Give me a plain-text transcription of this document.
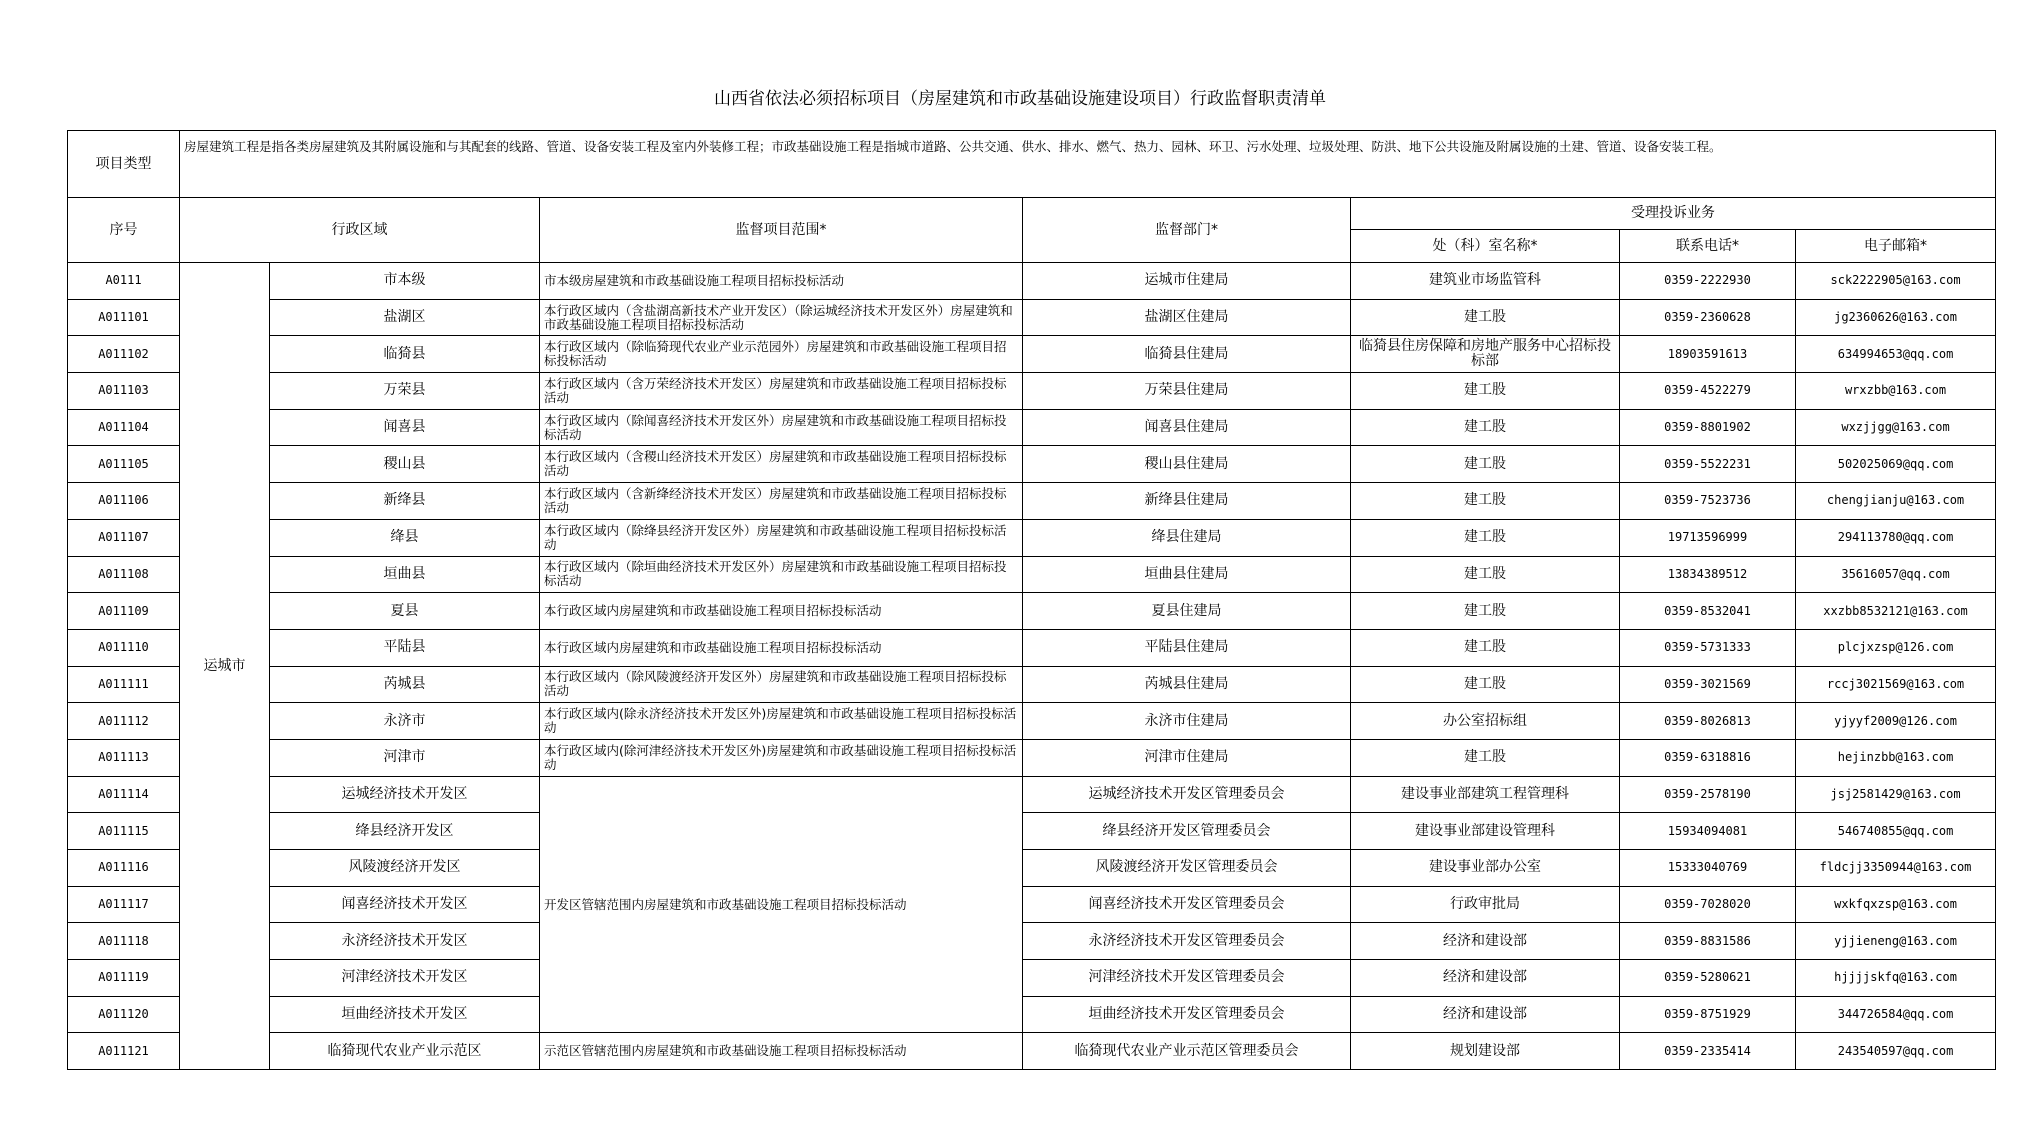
山西省依法必须招标项目（房屋建筑和市政基础设施建设项目）行政监督职责清单
项目类型	房屋建筑工程是指各类房屋建筑及其附属设施和与其配套的线路、管道、设备安装工程及室内外装修工程；市政基础设施工程是指城市道路、公共交通、供水、排水、燃气、热力、园林、环卫、污水处理、垃圾处理、防洪、地下公共设施及附属设施的土建、管道、设备安装工程。						
序号	行政区域		监督项目范围*	监督部门*	受理投诉业务		
					处（科）室名称*	联系电话*	电子邮箱*
A0111	运城市	市本级	市本级房屋建筑和市政基础设施工程项目招标投标活动	运城市住建局	建筑业市场监管科	0359-2222930	sck2222905@163.com
A011101		盐湖区	本行政区域内（含盐湖高新技术产业开发区）（除运城经济技术开发区外）房屋建筑和市政基础设施工程项目招标投标活动	盐湖区住建局	建工股	0359-2360628	jg2360626@163.com
A011102		临猗县	本行政区域内（除临猗现代农业产业示范园外）房屋建筑和市政基础设施工程项目招标投标活动	临猗县住建局	临猗县住房保障和房地产服务中心招标投标部	18903591613	634994653@qq.com
A011103		万荣县	本行政区域内（含万荣经济技术开发区）房屋建筑和市政基础设施工程项目招标投标活动	万荣县住建局	建工股	0359-4522279	wrxzbb@163.com
A011104		闻喜县	本行政区域内（除闻喜经济技术开发区外）房屋建筑和市政基础设施工程项目招标投标活动	闻喜县住建局	建工股	0359-8801902	wxzjjgg@163.com
A011105		稷山县	本行政区域内（含稷山经济技术开发区）房屋建筑和市政基础设施工程项目招标投标活动	稷山县住建局	建工股	0359-5522231	502025069@qq.com
A011106		新绛县	本行政区域内（含新绛经济技术开发区）房屋建筑和市政基础设施工程项目招标投标活动	新绛县住建局	建工股	0359-7523736	chengjianju@163.com
A011107		绛县	本行政区域内（除绛县经济开发区外）房屋建筑和市政基础设施工程项目招标投标活动	绛县住建局	建工股	19713596999	294113780@qq.com
A011108		垣曲县	本行政区域内（除垣曲经济技术开发区外）房屋建筑和市政基础设施工程项目招标投标活动	垣曲县住建局	建工股	13834389512	35616057@qq.com
A011109		夏县	本行政区域内房屋建筑和市政基础设施工程项目招标投标活动	夏县住建局	建工股	0359-8532041	xxzbb8532121@163.com
A011110		平陆县	本行政区域内房屋建筑和市政基础设施工程项目招标投标活动	平陆县住建局	建工股	0359-5731333	plcjxzsp@126.com
A011111		芮城县	本行政区域内（除风陵渡经济开发区外）房屋建筑和市政基础设施工程项目招标投标活动	芮城县住建局	建工股	0359-3021569	rccj3021569@163.com
A011112		永济市	本行政区域内(除永济经济技术开发区外)房屋建筑和市政基础设施工程项目招标投标活动	永济市住建局	办公室招标组	0359-8026813	yjyyf2009@126.com
A011113		河津市	本行政区域内(除河津经济技术开发区外)房屋建筑和市政基础设施工程项目招标投标活动	河津市住建局	建工股	0359-6318816	hejinzbb@163.com
A011114		运城经济技术开发区	开发区管辖范围内房屋建筑和市政基础设施工程项目招标投标活动	运城经济技术开发区管理委员会	建设事业部建筑工程管理科	0359-2578190	jsj2581429@163.com
A011115		绛县经济开发区		绛县经济开发区管理委员会	建设事业部建设管理科	15934094081	546740855@qq.com
A011116		风陵渡经济开发区		风陵渡经济开发区管理委员会	建设事业部办公室	15333040769	fldcjj3350944@163.com
A011117		闻喜经济技术开发区		闻喜经济技术开发区管理委员会	行政审批局	0359-7028020	wxkfqxzsp@163.com
A011118		永济经济技术开发区		永济经济技术开发区管理委员会	经济和建设部	0359-8831586	yjjieneng@163.com
A011119		河津经济技术开发区		河津经济技术开发区管理委员会	经济和建设部	0359-5280621	hjjjjskfq@163.com
A011120		垣曲经济技术开发区		垣曲经济技术开发区管理委员会	经济和建设部	0359-8751929	344726584@qq.com
A011121		临猗现代农业产业示范区	示范区管辖范围内房屋建筑和市政基础设施工程项目招标投标活动	临猗现代农业产业示范区管理委员会	规划建设部	0359-2335414	243540597@qq.com
